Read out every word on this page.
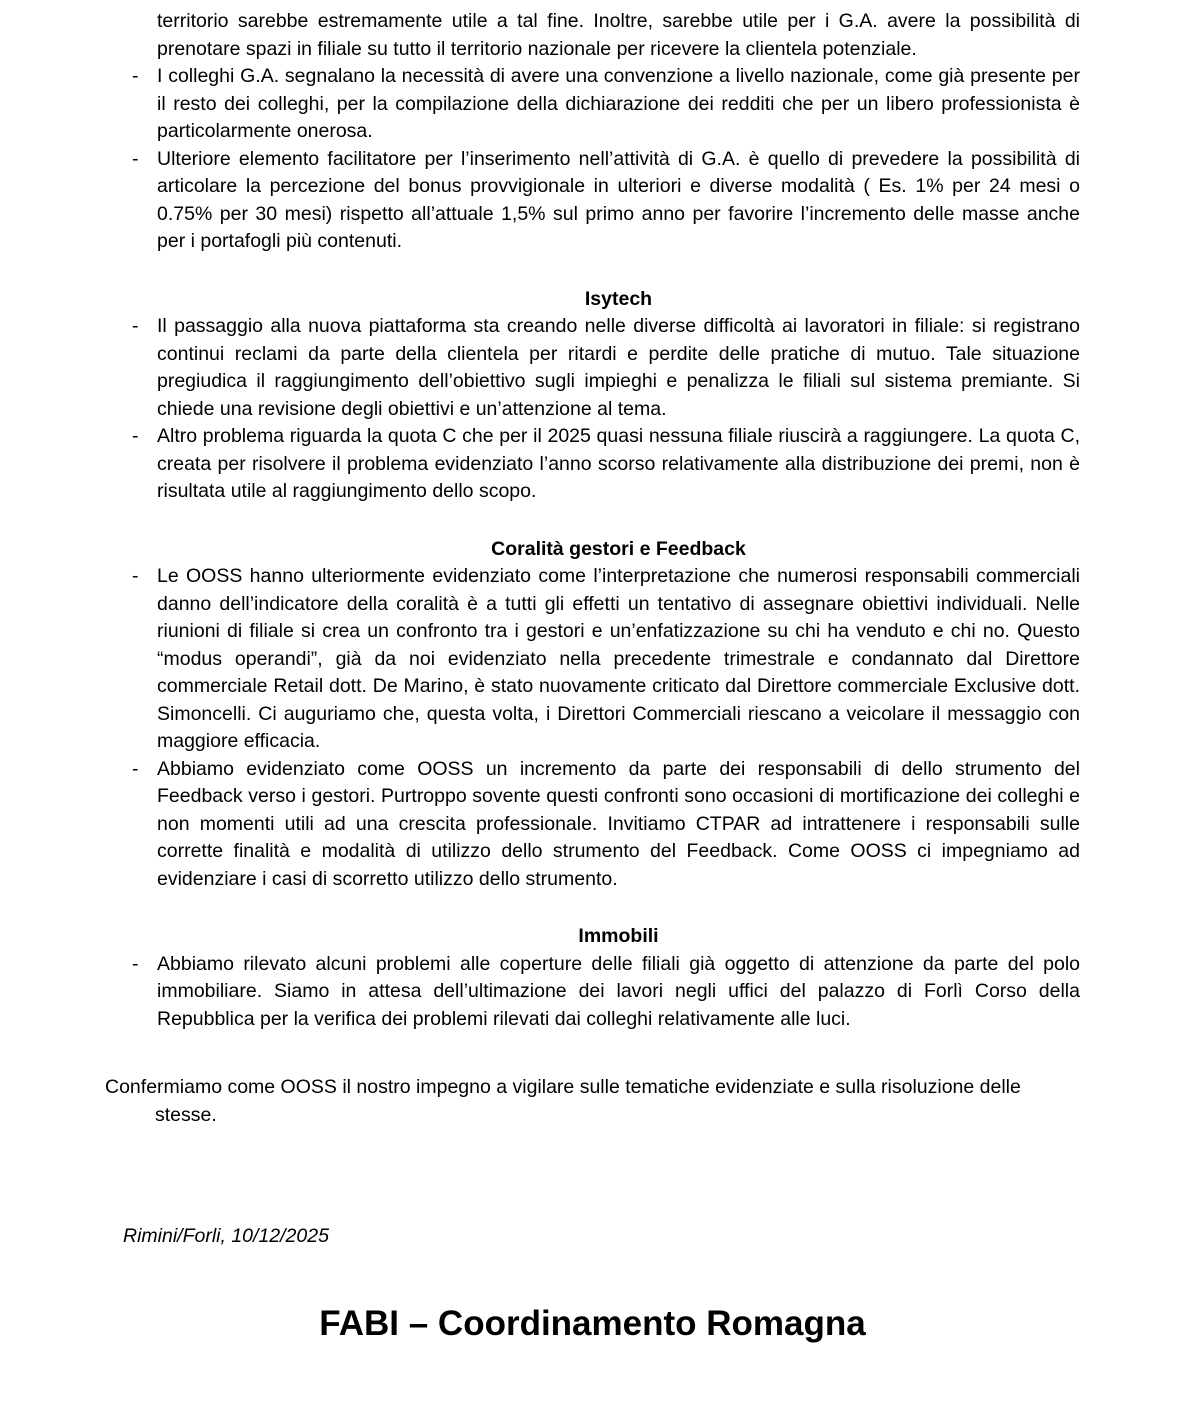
territorio sarebbe estremamente utile a tal fine. Inoltre, sarebbe utile per i G.A. avere la possibilità di prenotare spazi in filiale su tutto il territorio nazionale per ricevere la clientela potenziale.
- I colleghi G.A. segnalano la necessità di avere una convenzione a livello nazionale, come già presente per il resto dei colleghi, per la compilazione della dichiarazione dei redditi che per un libero professionista è particolarmente onerosa.
- Ulteriore elemento facilitatore per l’inserimento nell’attività di G.A. è quello di prevedere la possibilità di articolare la percezione del bonus provvigionale in ulteriori e diverse modalità ( Es. 1% per 24 mesi o 0.75% per 30 mesi) rispetto all’attuale 1,5% sul primo anno per favorire l’incremento delle masse anche per i portafogli più contenuti.
Isytech
- Il passaggio alla nuova piattaforma sta creando nelle diverse difficoltà ai lavoratori in filiale: si registrano continui reclami da parte della clientela per ritardi e perdite delle pratiche di mutuo. Tale situazione pregiudica il raggiungimento dell’obiettivo sugli impieghi e penalizza le filiali sul sistema premiante. Si chiede una revisione degli obiettivi e un’attenzione al tema.
- Altro problema riguarda la quota C che per il 2025 quasi nessuna filiale riuscirà a raggiungere. La quota C, creata per risolvere il problema evidenziato l’anno scorso relativamente alla distribuzione dei premi, non è risultata utile al raggiungimento dello scopo.
Coralità gestori e Feedback
- Le OOSS hanno ulteriormente evidenziato come l’interpretazione che numerosi responsabili commerciali danno dell’indicatore della coralità è a tutti gli effetti un tentativo di assegnare obiettivi individuali. Nelle riunioni di filiale si crea un confronto tra i gestori e un’enfatizzazione su chi ha venduto e chi no. Questo “modus operandi”, già da noi evidenziato nella precedente trimestrale e condannato dal Direttore commerciale Retail dott. De Marino, è stato nuovamente criticato dal Direttore commerciale Exclusive dott. Simoncelli. Ci auguriamo che, questa volta, i Direttori Commerciali riescano a veicolare il messaggio con maggiore efficacia.
- Abbiamo evidenziato come OOSS un incremento da parte dei responsabili di dello strumento del Feedback verso i gestori. Purtroppo sovente questi confronti sono occasioni di mortificazione dei colleghi e non momenti utili ad una crescita professionale. Invitiamo CTPAR ad intrattenere i responsabili sulle corrette finalità e modalità di utilizzo dello strumento del Feedback. Come OOSS ci impegniamo ad evidenziare i casi di scorretto utilizzo dello strumento.
Immobili
- Abbiamo rilevato alcuni problemi alle coperture delle filiali già oggetto di attenzione da parte del polo immobiliare. Siamo in attesa dell’ultimazione dei lavori negli uffici del palazzo di Forlì Corso della Repubblica per la verifica dei problemi rilevati dai colleghi relativamente alle luci.
Confermiamo come OOSS il nostro impegno a vigilare sulle tematiche evidenziate e sulla risoluzione delle stesse.
Rimini/Forli, 10/12/2025
FABI – Coordinamento Romagna
